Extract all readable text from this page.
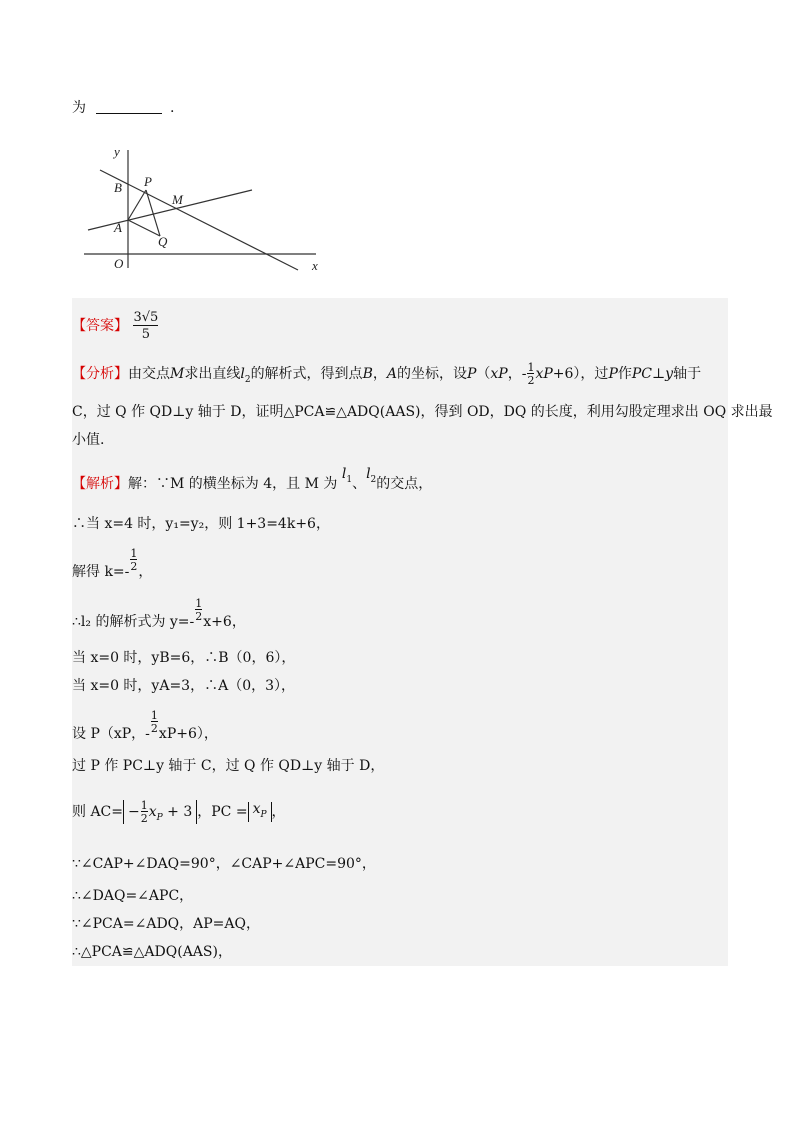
为	.
y
x
B P
M
A
Q
O
【答案】 $\frac{3√5}{5}$
【分析】由交点M求出直线$l_2$的解析式，得到点B，A的坐标，设P（xP，- $\frac{1}{2} xP+6$），过P作PC⊥y轴于
C，过 Q 作 QD⊥y 轴于 D，证明△PCA≌△ADQ(AAS)，得到 OD，DQ 的长度，利用勾股定理求出 OQ 求出最
小值.
【解析】解：∵M 的横坐标为 4，且 M 为 $l_1$、$l_2$的交点，
∴当 x=4 时，y₁=y₂，则 1+3=4k+6，
解得 $k=- \frac{1}{2}$ ，
∴l₂ 的解析式为 $y=- \frac{1}{2} x+6$，
当 x=0 时，yB=6，∴B（0，6），
当 x=0 时，yA=3，∴A（0，3），
设 P（xP，- $\frac{1}{2} xP+6$），
过 P 作 PC⊥y 轴于 C，过 Q 作 QD⊥y 轴于 D，
则 $AC= - \frac{1}{2} x_P + 3$ ，PC = $x_P$ ，
∵∠CAP+∠DAQ=90°，∠CAP+∠APC=90°，
∴∠DAQ=∠APC，
∵∠PCA=∠ADQ，AP=AQ，
∴△PCA≌△ADQ(AAS)，
